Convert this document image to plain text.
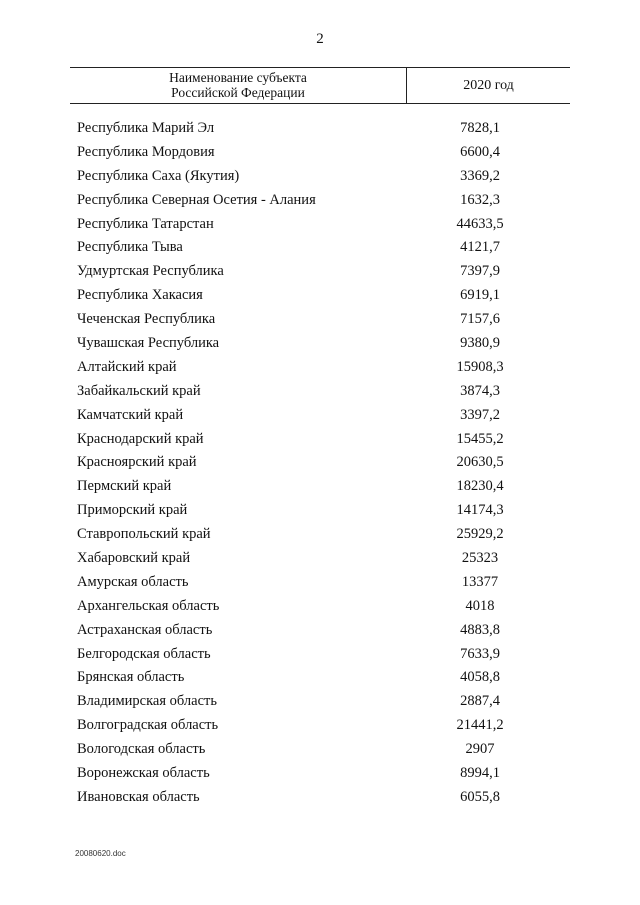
2
Наименование субъекта
Российской Федерации	2020 год
Республика Марий Эл	7828,1
Республика Мордовия	6600,4
Республика Саха (Якутия)	3369,2
Республика Северная Осетия - Алания	1632,3
Республика Татарстан	44633,5
Республика Тыва	4121,7
Удмуртская Республика	7397,9
Республика Хакасия	6919,1
Чеченская Республика	7157,6
Чувашская Республика	9380,9
Алтайский край	15908,3
Забайкальский край	3874,3
Камчатский край	3397,2
Краснодарский край	15455,2
Красноярский край	20630,5
Пермский край	18230,4
Приморский край	14174,3
Ставропольский край	25929,2
Хабаровский край	25323
Амурская область	13377
Архангельская область	4018
Астраханская область	4883,8
Белгородская область	7633,9
Брянская область	4058,8
Владимирская область	2887,4
Волгоградская область	21441,2
Вологодская область	2907
Воронежская область	8994,1
Ивановская область	6055,8
20080620.doc
